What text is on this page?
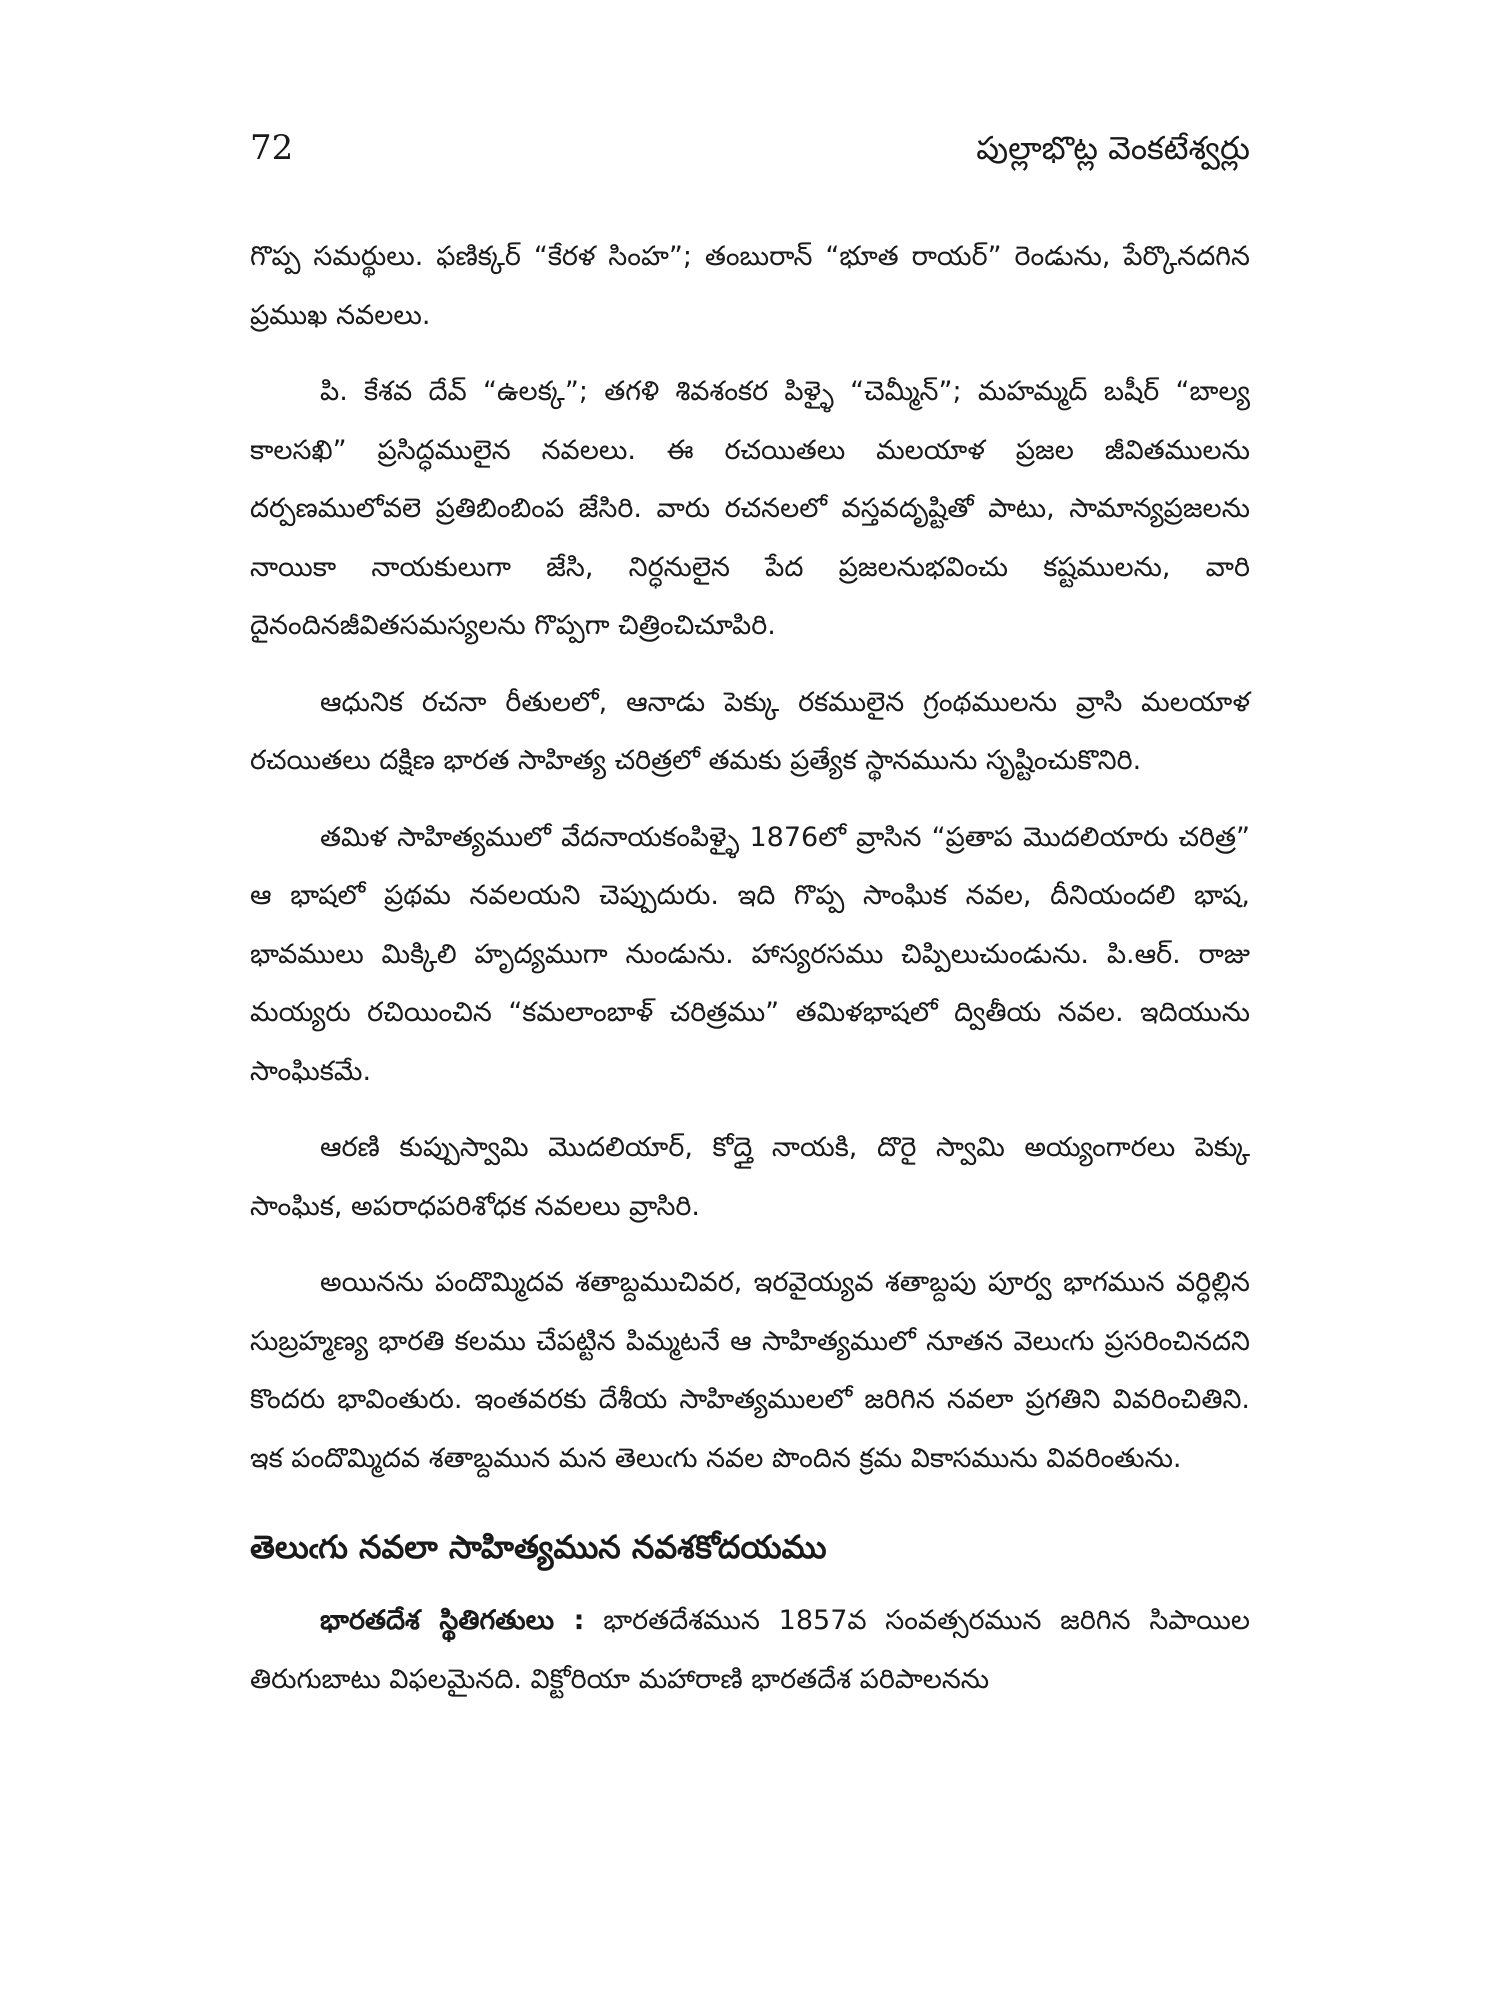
72	పుల్లాభొట్ల వెంకటేశ్వర్లు

గొప్ప సమర్థులు. ఫణిక్కర్ “కేరళ సింహ”; తంబురాన్ “భూత రాయర్” రెండును, పేర్కొనదగిన ప్రముఖ నవలలు.

పి. కేశవ దేవ్ “ఉలక్క”; తగళి శివశంకర పిళ్ళై “చెమ్మీన్”; మహమ్మద్ బషీర్ “బాల్య కాలసఖి” ప్రసిద్ధములైన నవలలు. ఈ రచయితలు మలయాళ ప్రజల జీవితములను దర్పణములోవలె ప్రతిబింబింప జేసిరి. వారు రచనలలో వస్తవదృష్టితో పాటు, సామాన్యప్రజలను నాయికా నాయకులుగా జేసి, నిర్ధనులైన పేద ప్రజలనుభవించు కష్టములను, వారి దైనందినజీవితసమస్యలను గొప్పగా చిత్రించిచూపిరి.

ఆధునిక రచనా రీతులలో, ఆనాడు పెక్కు రకములైన గ్రంథములను వ్రాసి మలయాళ రచయితలు దక్షిణ భారత సాహిత్య చరిత్రలో తమకు ప్రత్యేక స్థానమును సృష్టించుకొనిరి.

తమిళ సాహిత్యములో వేదనాయకంపిళ్ళై 1876లో వ్రాసిన “ప్రతాప మొదలియారు చరిత్ర” ఆ భాషలో ప్రథమ నవలయని చెప్పుదురు. ఇది గొప్ప సాంఘిక నవల, దీనియందలి భాష, భావములు మిక్కిలి హృద్యముగా నుండును. హాస్యరసము చిప్పిలుచుండును. పి.ఆర్. రాజు మయ్యరు రచియించిన “కమలాంబాళ్ చరిత్రము” తమిళభాషలో ద్వితీయ నవల. ఇదియును సాంఘికమే.

ఆరణి కుప్పుస్వామి మొదలియార్, కోద్తై నాయకి, దొరై స్వామి అయ్యంగారలు పెక్కు సాంఘిక, అపరాధపరిశోధక నవలలు వ్రాసిరి.

అయినను పందొమ్మిదవ శతాబ్దముచివర, ఇరవైయ్యవ శతాబ్దపు పూర్వ భాగమున వర్ధిల్లిన సుబ్రహ్మణ్య భారతి కలము చేపట్టిన పిమ్మటనే ఆ సాహిత్యములో నూతన వెలుఁగు ప్రసరించినదని కొందరు భావింతురు. ఇంతవరకు దేశీయ సాహిత్యములలో జరిగిన నవలా ప్రగతిని వివరించితిని. ఇక పందొమ్మిదవ శతాబ్దమున మన తెలుఁగు నవల పొందిన క్రమ వికాసమును వివరింతును.

తెలుఁగు నవలా సాహిత్యమున నవశకోదయము

భారతదేశ స్థితిగతులు : భారతదేశమున 1857వ సంవత్సరమున జరిగిన సిపాయిల తిరుగుబాటు విఫలమైనది. విక్టోరియా మహారాణి భారతదేశ పరిపాలనను
